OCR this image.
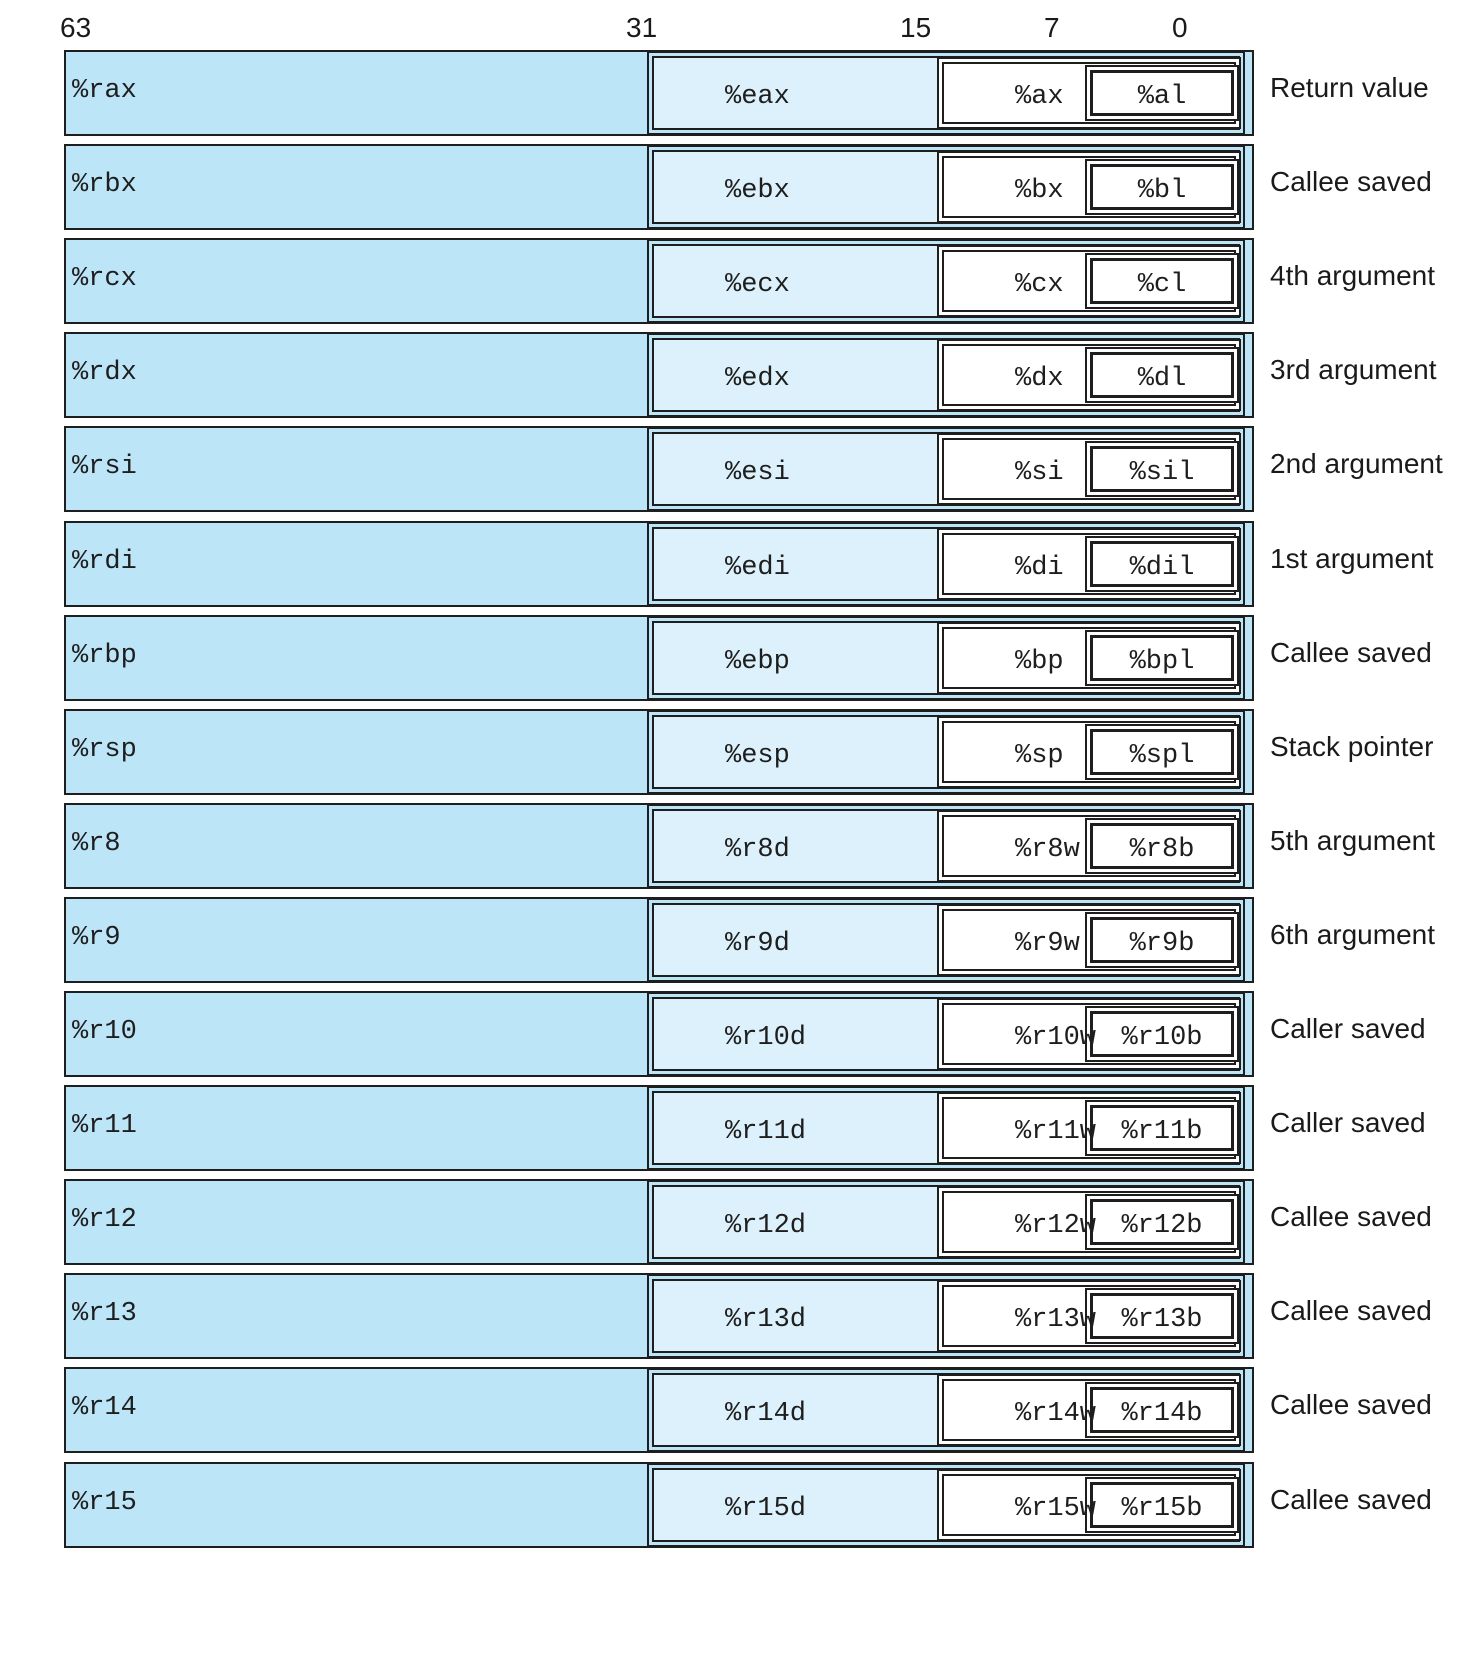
63	31	15	7	0
%rax	%eax	%ax	%al	Return value
%rbx	%ebx	%bx	%bl	Callee saved
%rcx	%ecx	%cx	%cl	4th argument
%rdx	%edx	%dx	%dl	3rd argument
%rsi	%esi	%si	%sil	2nd argument
%rdi	%edi	%di	%dil	1st argument
%rbp	%ebp	%bp	%bpl	Callee saved
%rsp	%esp	%sp	%spl	Stack pointer
%r8	%r8d	%r8w	%r8b	5th argument
%r9	%r9d	%r9w	%r9b	6th argument
%r10	%r10d	%r10w %r10b	Caller saved
%r11	%r11d	%r11w %r11b	Caller saved
%r12	%r12d	%r12w %r12b	Callee saved
%r13	%r13d	%r13w %r13b	Callee saved
%r14	%r14d	%r14w %r14b	Callee saved
%r15	%r15d	%r15w %r15b	Callee saved
